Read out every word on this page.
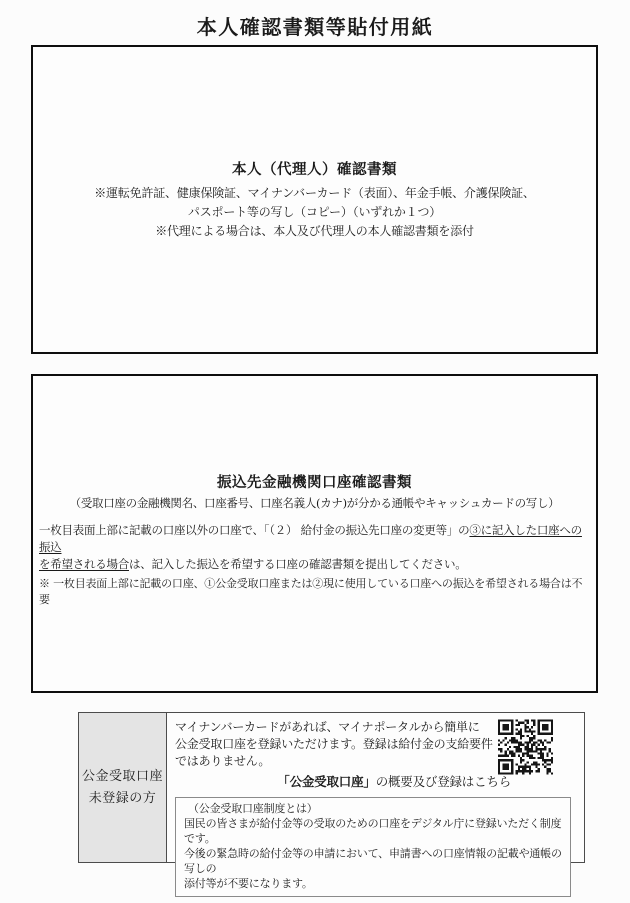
本人確認書類等貼付用紙
本人（代理人）確認書類
※運転免許証、健康保険証、マイナンバーカード（表面）、年金手帳、介護保険証、
パスポート等の写し（コピー）（いずれか１つ）
※代理による場合は、本人及び代理人の本人確認書類を添付
振込先金融機関口座確認書類
（受取口座の金融機関名、口座番号、口座名義人(カナ)が分かる通帳やキャッシュカードの写し）
一枚目表面上部に記載の口座以外の口座で、「（２） 給付金の振込先口座の変更等」の③に記入した口座への振込
を希望される場合は、記入した振込を希望する口座の確認書類を提出してください。
※ 一枚目表面上部に記載の口座、①公金受取口座または②現に使用している口座への振込を希望される場合は不要
公金受取口座
未登録の方
マイナンバーカードがあれば、マイナポータルから簡単に
公金受取口座を登録いただけます。登録は給付金の支給要件
ではありません。
「公金受取口座」の概要及び登録はこちら
（公金受取口座制度とは）
国民の皆さまが給付金等の受取のための口座をデジタル庁に登録いただく制度です。
今後の緊急時の給付金等の申請において、申請書への口座情報の記載や通帳の写しの
添付等が不要になります。
